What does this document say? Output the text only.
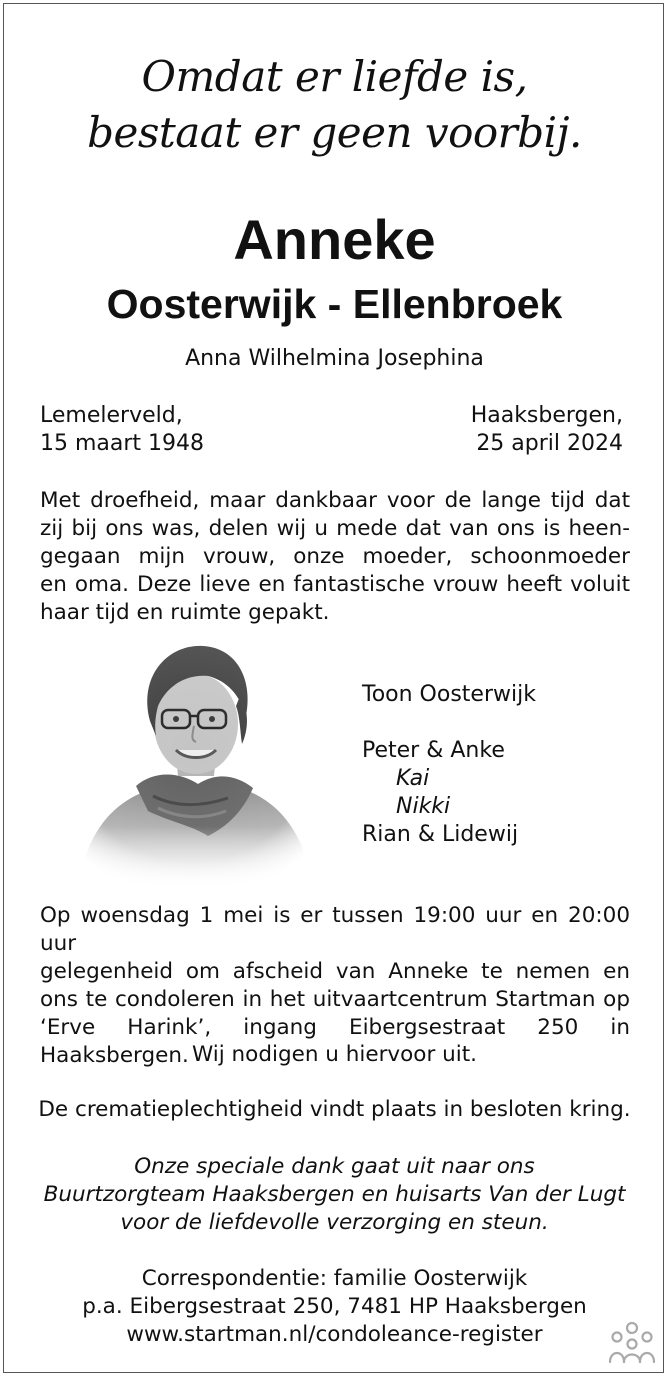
Omdat er liefde is,
bestaat er geen voorbij.
Anneke
Oosterwijk - Ellenbroek
Anna Wilhelmina Josephina
Lemelerveld,
15 maart 1948
Haaksbergen,
25 april 2024
Met droefheid, maar dankbaar voor de lange tijd dat
zij bij ons was, delen wij u mede dat van ons is heen-
gegaan mijn vrouw, onze moeder, schoonmoeder
en oma. Deze lieve en fantastische vrouw heeft voluit
haar tijd en ruimte gepakt.
Toon Oosterwijk
Peter & Anke
Kai
Nikki
Rian & Lidewij
Op woensdag 1 mei is er tussen 19:00 uur en 20:00 uur
gelegenheid om afscheid van Anneke te nemen en
ons te condoleren in het uitvaartcentrum Startman op
‘Erve Harink’, ingang Eibergsestraat 250 in Haaksbergen. Wij nodigen u hiervoor uit.
De crematieplechtigheid vindt plaats in besloten kring.
Onze speciale dank gaat uit naar ons
Buurtzorgteam Haaksbergen en huisarts Van der Lugt
voor de liefdevolle verzorging en steun.
Correspondentie: familie Oosterwijk
p.a. Eibergsestraat 250, 7481 HP Haaksbergen
www.startman.nl/condoleance-register
